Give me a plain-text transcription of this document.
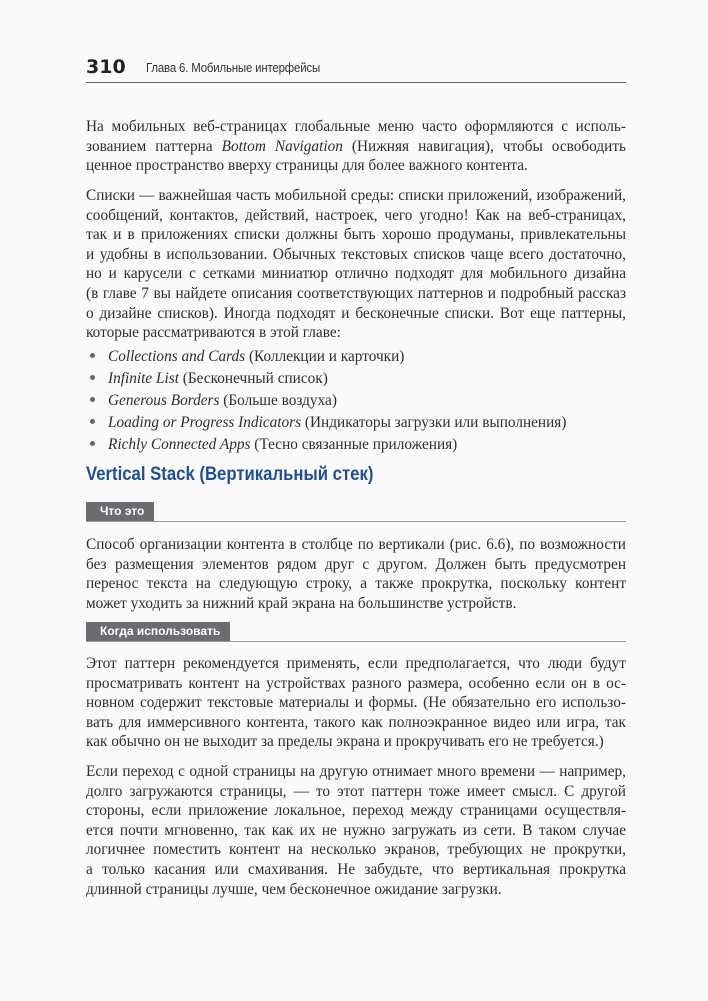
310 Глава 6. Мобильные интерфейсы
На мобильных веб-страницах глобальные меню часто оформляются с исполь-
зованием паттерна Bottom Navigation (Нижняя навигация), чтобы освободить
ценное пространство вверху страницы для более важного контента.
Списки — важнейшая часть мобильной среды: списки приложений, изображений,
сообщений, контактов, действий, настроек, чего угодно! Как на веб-страницах,
так и в приложениях списки должны быть хорошо продуманы, привлекательны
и удобны в использовании. Обычных текстовых списков чаще всего достаточно,
но и карусели с сетками миниатюр отлично подходят для мобильного дизайна
(в главе 7 вы найдете описания соответствующих паттернов и подробный рассказ
о дизайне списков). Иногда подходят и бесконечные списки. Вот еще паттерны,
которые рассматриваются в этой главе:
Collections and Cards (Коллекции и карточки)
Infinite List (Бесконечный список)
Generous Borders (Больше воздуха)
Loading or Progress Indicators (Индикаторы загрузки или выполнения)
Richly Connected Apps (Тесно связанные приложения)
Vertical Stack (Вертикальный стек)
Что это
Способ организации контента в столбце по вертикали (рис. 6.6), по возможности
без размещения элементов рядом друг с другом. Должен быть предусмотрен
перенос текста на следующую строку, а также прокрутка, поскольку контент
может уходить за нижний край экрана на большинстве устройств.
Когда использовать
Этот паттерн рекомендуется применять, если предполагается, что люди будут
просматривать контент на устройствах разного размера, особенно если он в ос-
новном содержит текстовые материалы и формы. (Не обязательно его использо-
вать для иммерсивного контента, такого как полноэкранное видео или игра, так
как обычно он не выходит за пределы экрана и прокручивать его не требуется.)
Если переход с одной страницы на другую отнимает много времени — например,
долго загружаются страницы, — то этот паттерн тоже имеет смысл. С другой
стороны, если приложение локальное, переход между страницами осуществля-
ется почти мгновенно, так как их не нужно загружать из сети. В таком случае
логичнее поместить контент на несколько экранов, требующих не прокрутки,
а только касания или смахивания. Не забудьте, что вертикальная прокрутка
длинной страницы лучше, чем бесконечное ожидание загрузки.
